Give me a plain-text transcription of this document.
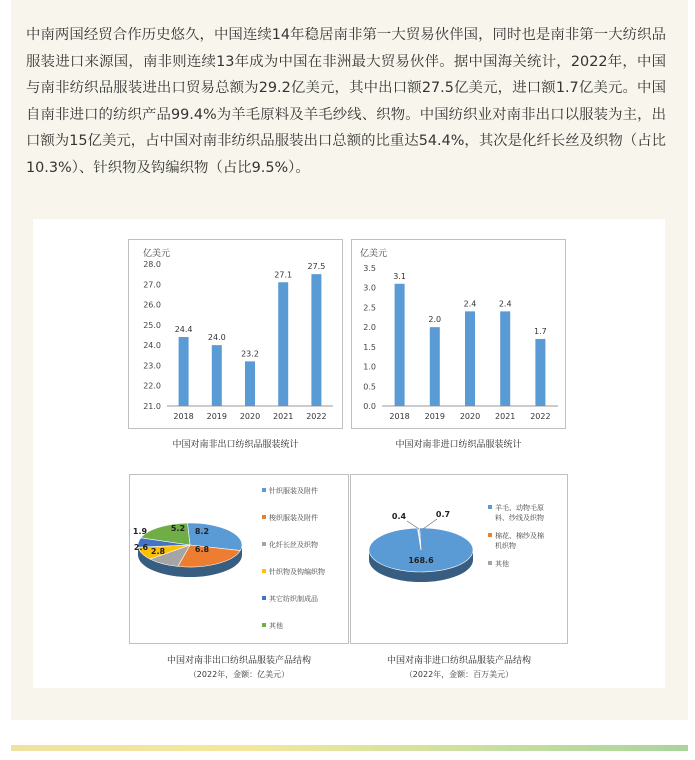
中南两国经贸合作历史悠久，中国连续14年稳居南非第一大贸易伙伴国，同时也是南非第一大纺织品服装进口来源国，南非则连续13年成为中国在非洲最大贸易伙伴。据中国海关统计，2022年，中国与南非纺织品服装进出口贸易总额为29.2亿美元，其中出口额27.5亿美元，进口额1.7亿美元。中国自南非进口的纺织产品99.4%为羊毛原料及羊毛纱线、织物。中国纺织业对南非出口以服装为主，出口额为15亿美元，占中国对南非纺织品服装出口总额的比重达54.4%，其次是化纤长丝及织物（占比10.3%）、针织物及钩编织物（占比9.5%）。

亿美元
21.0
22.0
23.0
24.0
25.0
26.0
27.0
28.0
24.4
2018
24.0
2019
23.2
2020
27.1
2021
27.5
2022
中国对南非出口纺织品服装统计
亿美元
0.0
0.5
1.0
1.5
2.0
2.5
3.0
3.5
3.1
2018
2.0
2019
2.4
2020
2.4
2021
1.7
2022
中国对南非进口纺织品服装统计
8.2
6.8
2.8
2.6
1.9	5.2
针织服装及附件
梭织服装及附件
化纤长丝及织物
针织物及钩编织物
其它纺织制成品
其他
中国对南非出口纺织品服装产品结构
（2022年，金额：亿美元）
168.6
0.4	0.7
羊毛、动物毛原料、纱线及织物
棉花、棉纱及棉机织物
其他
中国对南非进口纺织品服装产品结构
（2022年，金额：百万美元）
